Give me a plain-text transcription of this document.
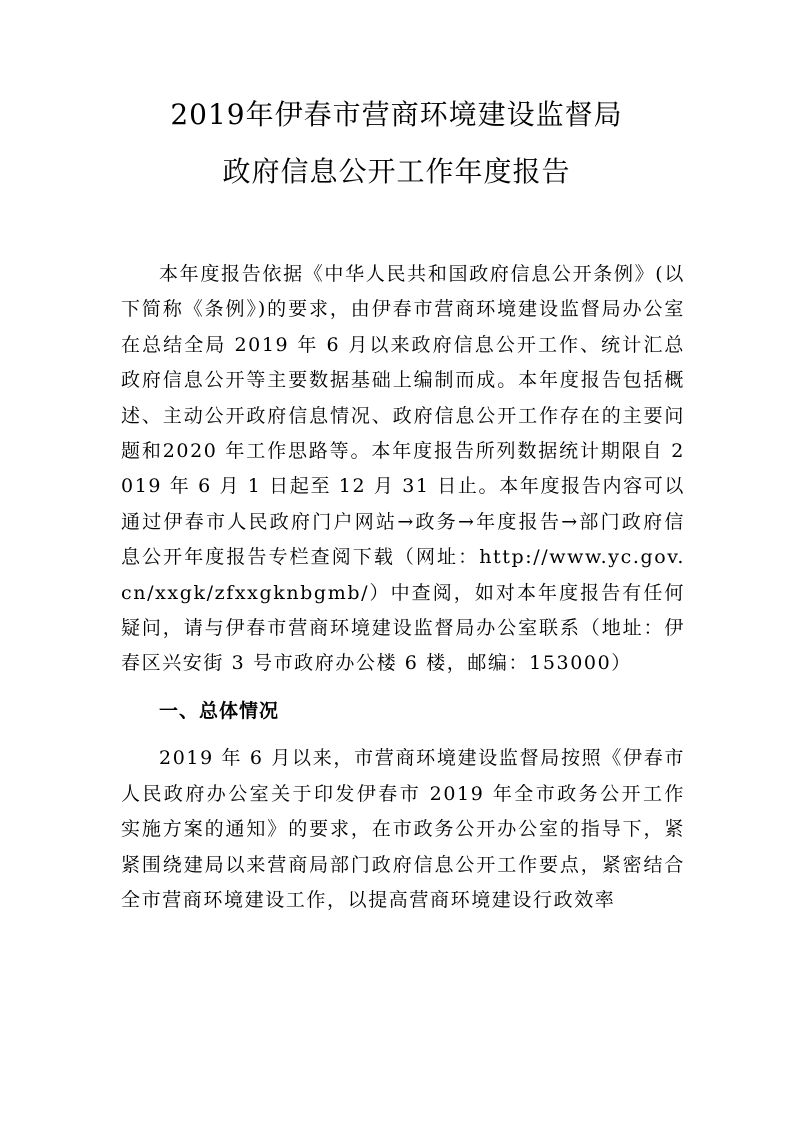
2019年伊春市营商环境建设监督局
政府信息公开工作年度报告

本年度报告依据《中华人民共和国政府信息公开条例》(以下简称《条例》)的要求，由伊春市营商环境建设监督局办公室在总结全局 2019 年 6 月以来政府信息公开工作、统计汇总政府信息公开等主要数据基础上编制而成。本年度报告包括概述、主动公开政府信息情况、政府信息公开工作存在的主要问题和2020 年工作思路等。本年度报告所列数据统计期限自 2019 年 6 月 1 日起至 12 月 31 日止。本年度报告内容可以通过伊春市人民政府门户网站→政务→年度报告→部门政府信息公开年度报告专栏查阅下载（网址：http://www.yc.gov.cn/xxgk/zfxxgknbgmb/）中查阅，如对本年度报告有任何疑问，请与伊春市营商环境建设监督局办公室联系（地址：伊春区兴安街 3 号市政府办公楼 6 楼，邮编：153000）

一、总体情况

2019 年 6 月以来，市营商环境建设监督局按照《伊春市人民政府办公室关于印发伊春市 2019 年全市政务公开工作实施方案的通知》的要求，在市政务公开办公室的指导下，紧紧围绕建局以来营商局部门政府信息公开工作要点，紧密结合全市营商环境建设工作，以提高营商环境建设行政效率
